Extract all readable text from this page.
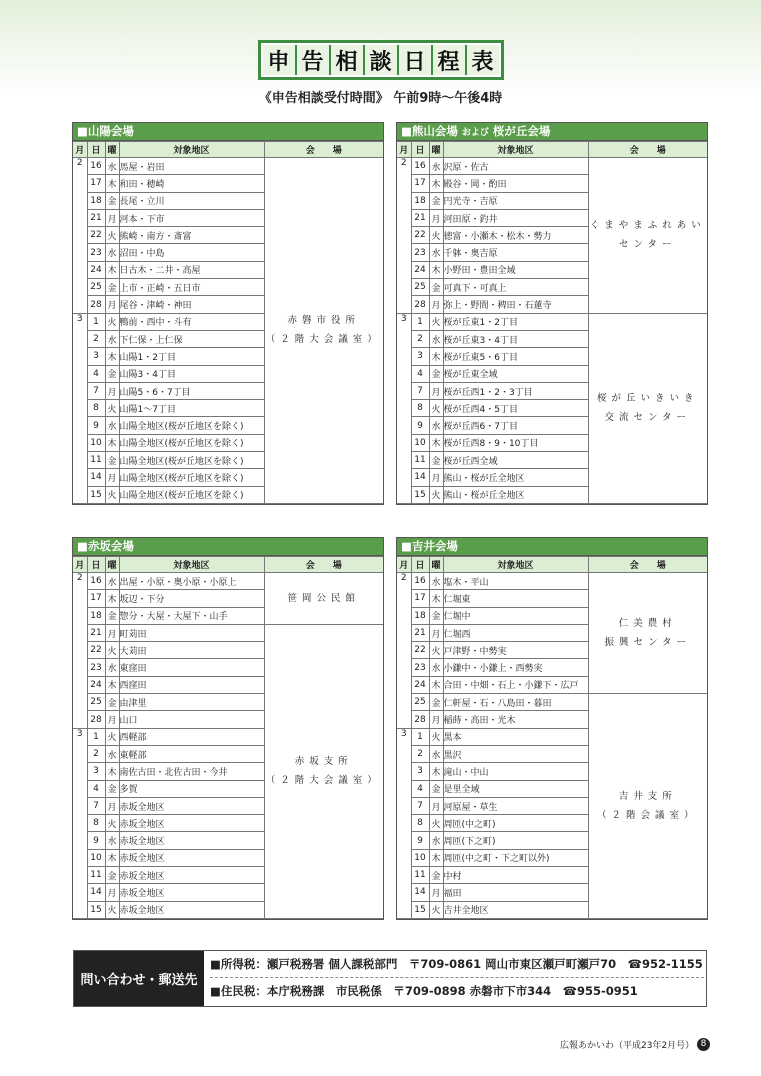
申 告 相 談 日 程 表
《申告相談受付時間》 午前9時〜午後4時
■山陽会場
月	日	曜	対象地区	会　　場
2	16	水	馬屋・岩田	赤磐市役所
（２階大会議室）

	17	木	和田・穂崎	
	18	金	長尾・立川	
	21	月	河本・下市	
	22	火	熊崎・南方・斎富	
	23	水	沼田・中島	
	24	木	日古木・二井・高屋	
	25	金	上市・正崎・五日市	
	28	月	尾谷・津崎・神田	
3	1	火	鴨前・西中・斗有	
	2	水	下仁保・上仁保	
	3	木	山陽1・2丁目	
	4	金	山陽3・4丁目	
	7	月	山陽5・6・7丁目	
	8	火	山陽1〜7丁目	
	9	水	山陽全地区(桜が丘地区を除く)	
	10	木	山陽全地区(桜が丘地区を除く)	
	11	金	山陽全地区(桜が丘地区を除く)	
	14	月	山陽全地区(桜が丘地区を除く)	
	15	火	山陽全地区(桜が丘地区を除く)	
■熊山会場 および 桜が丘会場
月	日	曜	対象地区	会　　場
2	16	水	沢原・佐古	くまやまふれあい
センター

	17	木	殿谷・岡・酌田	
	18	金	円光寺・吉原	
	21	月	河田原・釣井	
	22	火	徳富・小瀬木・松木・勢力	
	23	水	千躰・奥吉原	
	24	木	小野田・豊田全域	
	25	金	可真下・可真上	
	28	月	弥上・野間・稗田・石蓮寺	
3	1	火	桜が丘東1・2丁目	桜が丘いきいき
交流センター

	2	水	桜が丘東3・4丁目	
	3	木	桜が丘東5・6丁目	
	4	金	桜が丘東全域	
	7	月	桜が丘西1・2・3丁目	
	8	火	桜が丘西4・5丁目	
	9	水	桜が丘西6・7丁目	
	10	木	桜が丘西8・9・10丁目	
	11	金	桜が丘西全域	
	14	月	熊山・桜が丘全地区	
	15	火	熊山・桜が丘全地区	
■赤坂会場
月	日	曜	対象地区	会　　場
2	16	水	出屋・小原・奥小原・小原上	笹岡公民館

	17	木	坂辺・下分	
	18	金	惣分・大屋・大屋下・山手	
	21	月	町苅田	赤坂支所
（２階大会議室）

	22	火	大苅田	
	23	水	東窪田	
	24	木	西窪田	
	25	金	由津里	
	28	月	山口	
3	1	火	西軽部	
	2	水	東軽部	
	3	木	南佐古田・北佐古田・今井	
	4	金	多賀	
	7	月	赤坂全地区	
	8	火	赤坂全地区	
	9	水	赤坂全地区	
	10	木	赤坂全地区	
	11	金	赤坂全地区	
	14	月	赤坂全地区	
	15	火	赤坂全地区	
■吉井会場
月	日	曜	対象地区	会　　場
2	16	水	塩木・平山	仁美農村
振興センター

	17	木	仁堀東	
	18	金	仁堀中	
	21	月	仁堀西	
	22	火	戸津野・中勢実	
	23	水	小鎌中・小鎌上・西勢実	
	24	木	合田・中畑・石上・小鎌下・広戸	
	25	金	仁軒屋・石・八島田・暮田	吉井支所
（２階会議室）

	28	月	稲蒔・高田・光木	
3	1	火	黒本	
	2	水	黒沢	
	3	木	滝山・中山	
	4	金	是里全域	
	7	月	河原屋・草生	
	8	火	周匝(中之町)	
	9	水	周匝(下之町)	
	10	木	周匝(中之町・下之町以外)	
	11	金	中村	
	14	月	福田	
	15	火	吉井全地区	
問い合わせ・郵送先
■所得税：瀬戸税務署 個人課税部門　〒709-0861 岡山市東区瀬戸町瀬戸70　☎952-1155
■住民税：本庁税務課　市民税係　〒709-0898 赤磐市下市344　☎955-0951
広報あかいわ（平成23年2月号） 8
